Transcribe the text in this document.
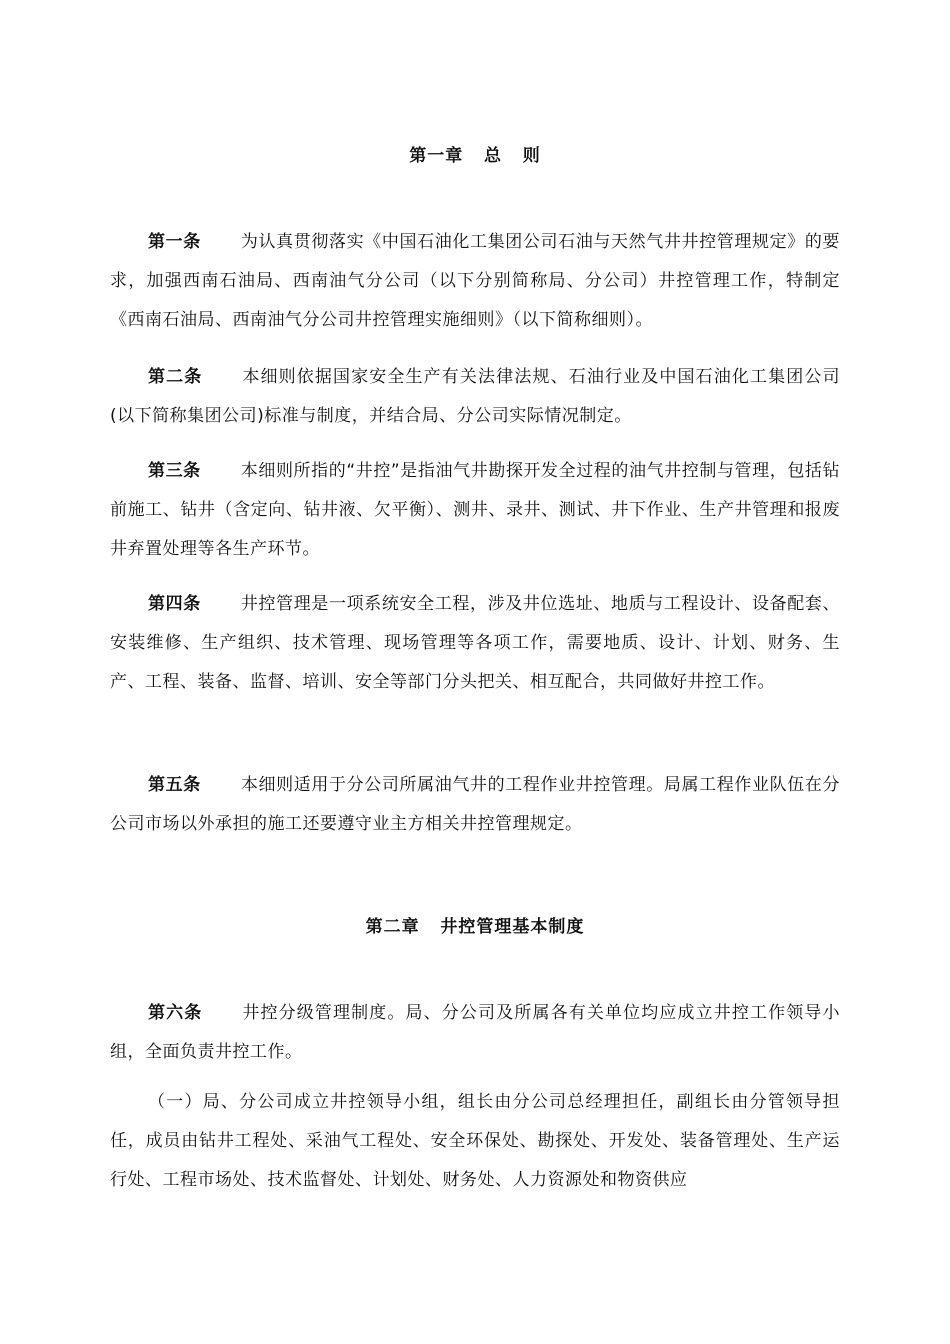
第一章   总   则
第一条 为认真贯彻落实《中国石油化工集团公司石油与天然气井井控管理规定》的要求，加强西南石油局、西南油气分公司（以下分别简称局、分公司）井控管理工作，特制定《西南石油局、西南油气分公司井控管理实施细则》（以下简称细则）。
第二条 本细则依据国家安全生产有关法律法规、石油行业及中国石油化工集团公司(以下简称集团公司)标准与制度，并结合局、分公司实际情况制定。
第三条 本细则所指的“井控”是指油气井勘探开发全过程的油气井控制与管理，包括钻前施工、钻井（含定向、钻井液、欠平衡）、测井、录井、测试、井下作业、生产井管理和报废井弃置处理等各生产环节。
第四条 井控管理是一项系统安全工程，涉及井位选址、地质与工程设计、设备配套、安装维修、生产组织、技术管理、现场管理等各项工作，需要地质、设计、计划、财务、生产、工程、装备、监督、培训、安全等部门分头把关、相互配合，共同做好井控工作。
第五条 本细则适用于分公司所属油气井的工程作业井控管理。局属工程作业队伍在分公司市场以外承担的施工还要遵守业主方相关井控管理规定。
第二章   井控管理基本制度
第六条 井控分级管理制度。局、分公司及所属各有关单位均应成立井控工作领导小组，全面负责井控工作。
（一）局、分公司成立井控领导小组，组长由分公司总经理担任，副组长由分管领导担任，成员由钻井工程处、采油气工程处、安全环保处、勘探处、开发处、装备管理处、生产运行处、工程市场处、技术监督处、计划处、财务处、人力资源处和物资供应
